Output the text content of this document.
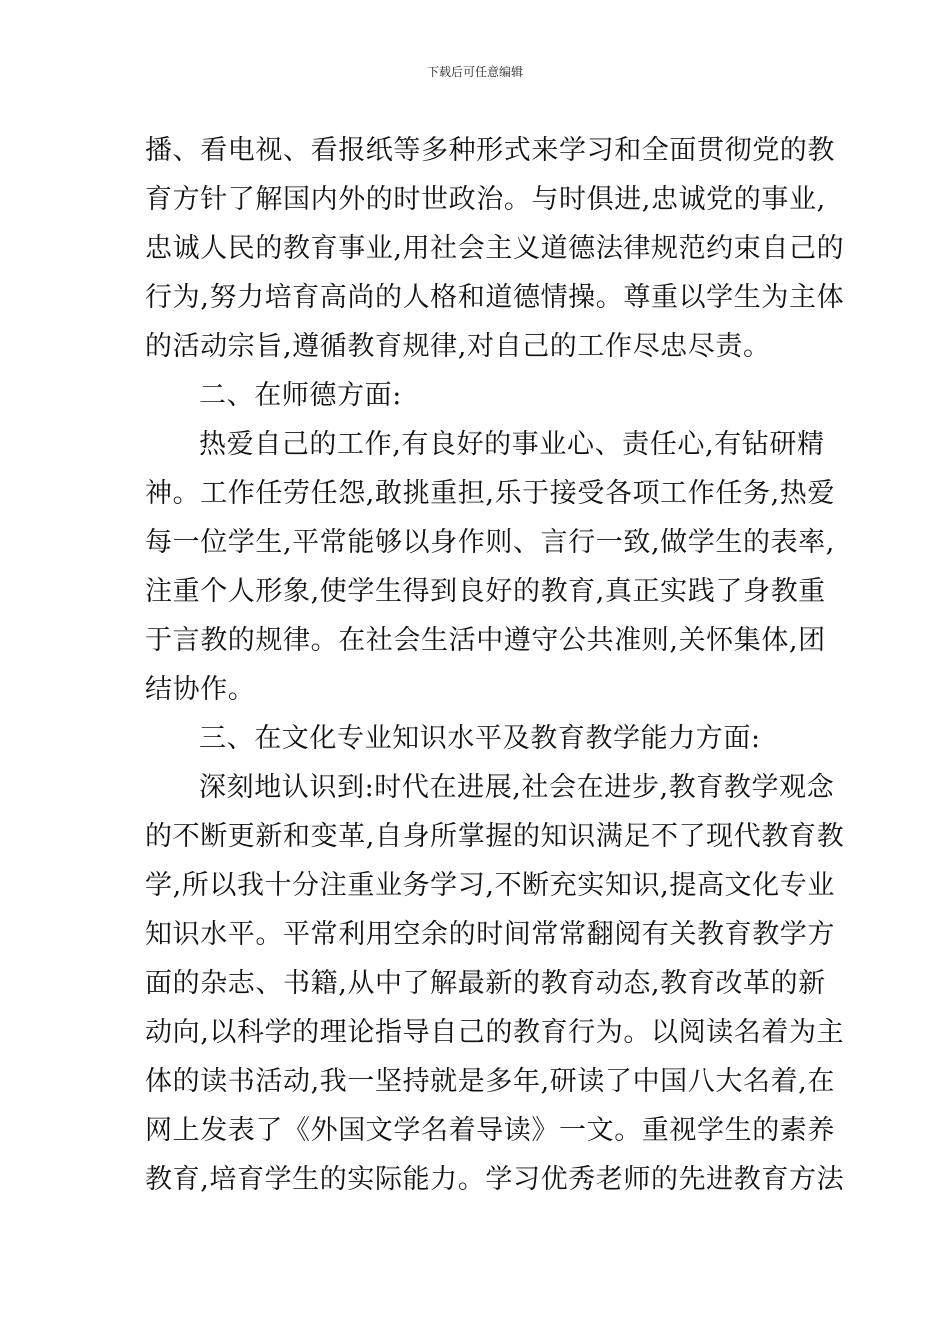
下载后可任意编辑
播、看电视、看报纸等多种形式来学习和全面贯彻党的教
育方针了解国内外的时世政治。与时俱进,忠诚党的事业,
忠诚人民的教育事业,用社会主义道德法律规范约束自己的
行为,努力培育高尚的人格和道德情操。尊重以学生为主体
的活动宗旨,遵循教育规律,对自己的工作尽忠尽责。
二、在师德方面:
热爱自己的工作,有良好的事业心、责任心,有钻研精
神。工作任劳任怨,敢挑重担,乐于接受各项工作任务,热爱
每一位学生,平常能够以身作则、言行一致,做学生的表率,
注重个人形象,使学生得到良好的教育,真正实践了身教重
于言教的规律。在社会生活中遵守公共准则,关怀集体,团
结协作。
三、在文化专业知识水平及教育教学能力方面:
深刻地认识到:时代在进展,社会在进步,教育教学观念
的不断更新和变革,自身所掌握的知识满足不了现代教育教
学,所以我十分注重业务学习,不断充实知识,提高文化专业
知识水平。平常利用空余的时间常常翻阅有关教育教学方
面的杂志、书籍,从中了解最新的教育动态,教育改革的新
动向,以科学的理论指导自己的教育行为。以阅读名着为主
体的读书活动,我一坚持就是多年,研读了中国八大名着,在
网上发表了《外国文学名着导读》一文。重视学生的素养
教育,培育学生的实际能力。学习优秀老师的先进教育方法
